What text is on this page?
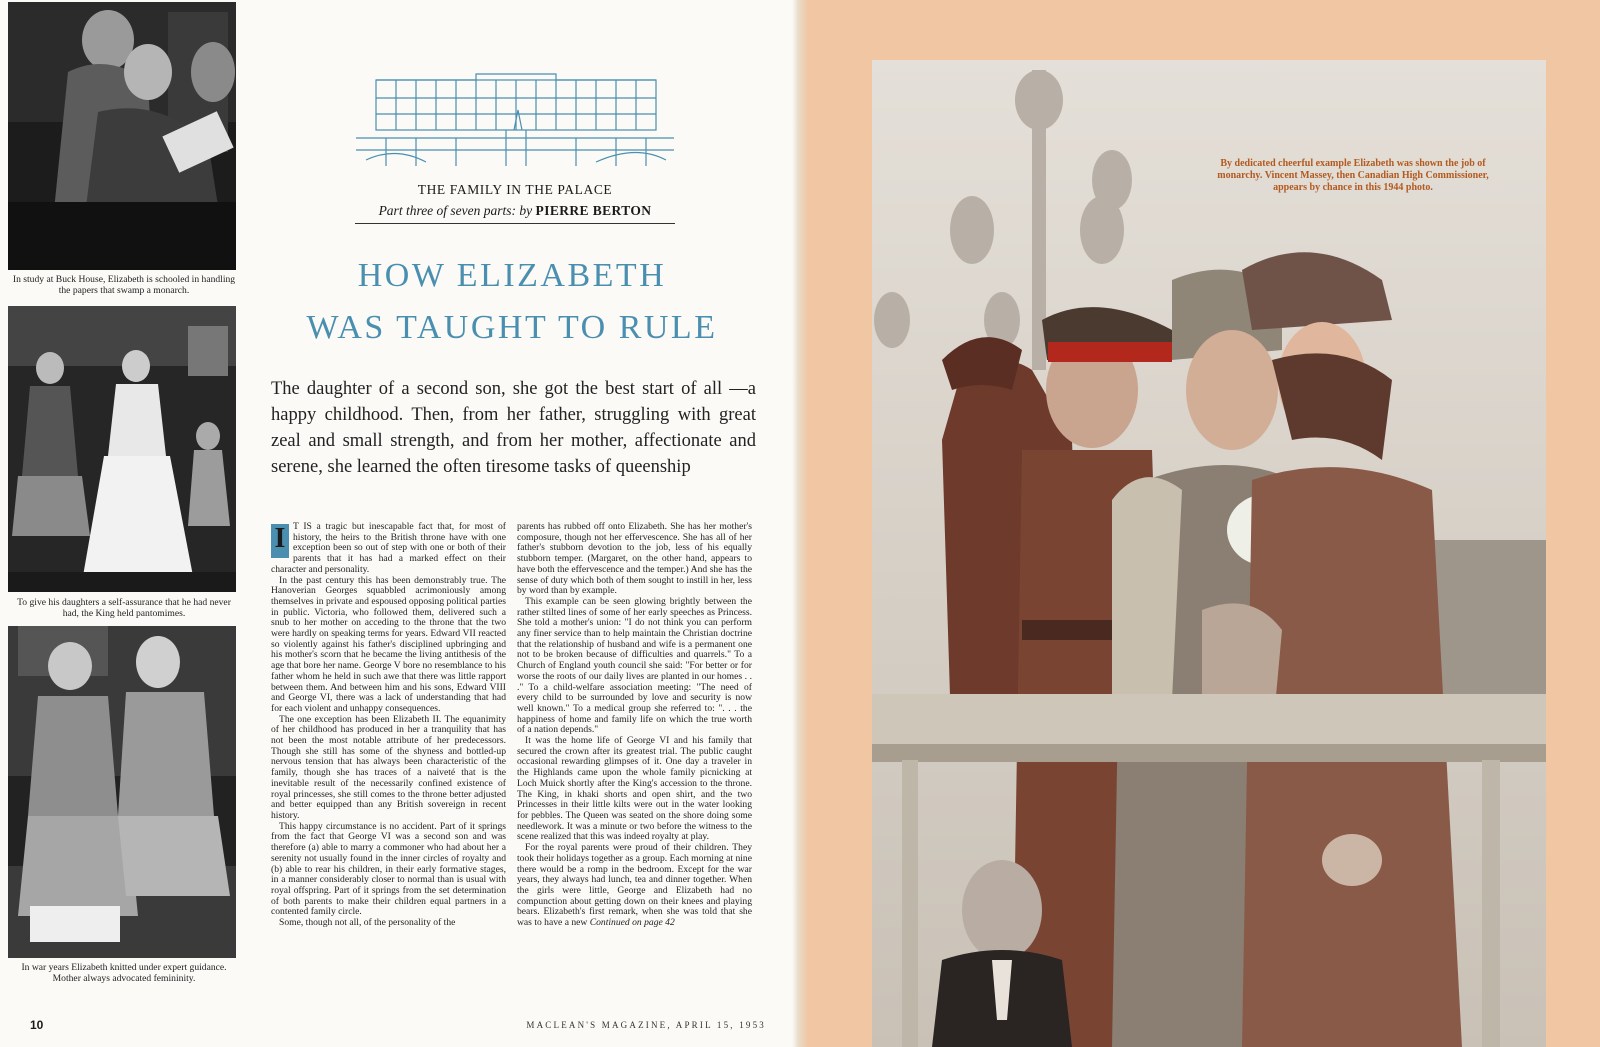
In study at Buck House, Elizabeth is schooled in handling the papers that swamp a monarch.
To give his daughters a self-assurance that he had never had, the King held pantomimes.
In war years Elizabeth knitted under expert guidance. Mother always advocated femininity.
THE FAMILY IN THE PALACE
Part three of seven parts: by PIERRE BERTON
HOW ELIZABETH
WAS TAUGHT TO RULE
The daughter of a second son, she got the best start of all —a happy childhood. Then, from her father, struggling with great zeal and small strength, and from her mother, affectionate and serene, she learned the often tiresome tasks of queenship

I T IS a tragic but inescapable fact that, for most of history, the heirs to the British throne have with one exception been so out of step with one or both of their parents that it has had a marked effect on their character and personality.

In the past century this has been demonstrably true. The Hanoverian Georges squabbled acrimoniously among themselves in private and espoused opposing political parties in public. Victoria, who followed them, delivered such a snub to her mother on acceding to the throne that the two were hardly on speaking terms for years. Edward VII reacted so violently against his father's disciplined upbringing and his mother's scorn that he became the living antithesis of the age that bore her name. George V bore no resemblance to his father whom he held in such awe that there was little rapport between them. And between him and his sons, Edward VIII and George VI, there was a lack of understanding that had for each violent and unhappy consequences.

The one exception has been Elizabeth II. The equanimity of her childhood has produced in her a tranquility that has not been the most notable attribute of her predecessors. Though she still has some of the shyness and bottled-up nervous tension that has always been characteristic of the family, though she has traces of a naiveté that is the inevitable result of the necessarily confined existence of royal princesses, she still comes to the throne better adjusted and better equipped than any British sovereign in recent history.

This happy circumstance is no accident. Part of it springs from the fact that George VI was a second son and was therefore (a) able to marry a commoner who had about her a serenity not usually found in the inner circles of royalty and (b) able to rear his children, in their early formative stages, in a manner considerably closer to normal than is usual with royal offspring. Part of it springs from the set determination of both parents to make their children equal partners in a contented family circle.

Some, though not all, of the personality of the

parents has rubbed off onto Elizabeth. She has her mother's composure, though not her effervescence. She has all of her father's stubborn devotion to the job, less of his equally stubborn temper. (Margaret, on the other hand, appears to have both the effervescence and the temper.) And she has the sense of duty which both of them sought to instill in her, less by word than by example.

This example can be seen glowing brightly between the rather stilted lines of some of her early speeches as Princess. She told a mother's union: "I do not think you can perform any finer service than to help maintain the Christian doctrine that the relationship of husband and wife is a permanent one not to be broken because of difficulties and quarrels." To a Church of England youth council she said: "For better or for worse the roots of our daily lives are planted in our homes . . ." To a child-welfare association meeting: "The need of every child to be surrounded by love and security is now well known." To a medical group she referred to: ". . . the happiness of home and family life on which the true worth of a nation depends."

It was the home life of George VI and his family that secured the crown after its greatest trial. The public caught occasional rewarding glimpses of it. One day a traveler in the Highlands came upon the whole family picnicking at Loch Muick shortly after the King's accession to the throne. The King, in khaki shorts and open shirt, and the two Princesses in their little kilts were out in the water looking for pebbles. The Queen was seated on the shore doing some needlework. It was a minute or two before the witness to the scene realized that this was indeed royalty at play.

For the royal parents were proud of their children. They took their holidays together as a group. Each morning at nine there would be a romp in the bedroom. Except for the war years, they always had lunch, tea and dinner together. When the girls were little, George and Elizabeth had no compunction about getting down on their knees and playing bears. Elizabeth's first remark, when she was told that she was to have a new Continued on page 42

10	MACLEAN'S MAGAZINE, APRIL 15, 1953
By dedicated cheerful example Elizabeth was shown the job of monarchy. Vincent Massey, then Canadian High Commissioner, appears by chance in this 1944 photo.
